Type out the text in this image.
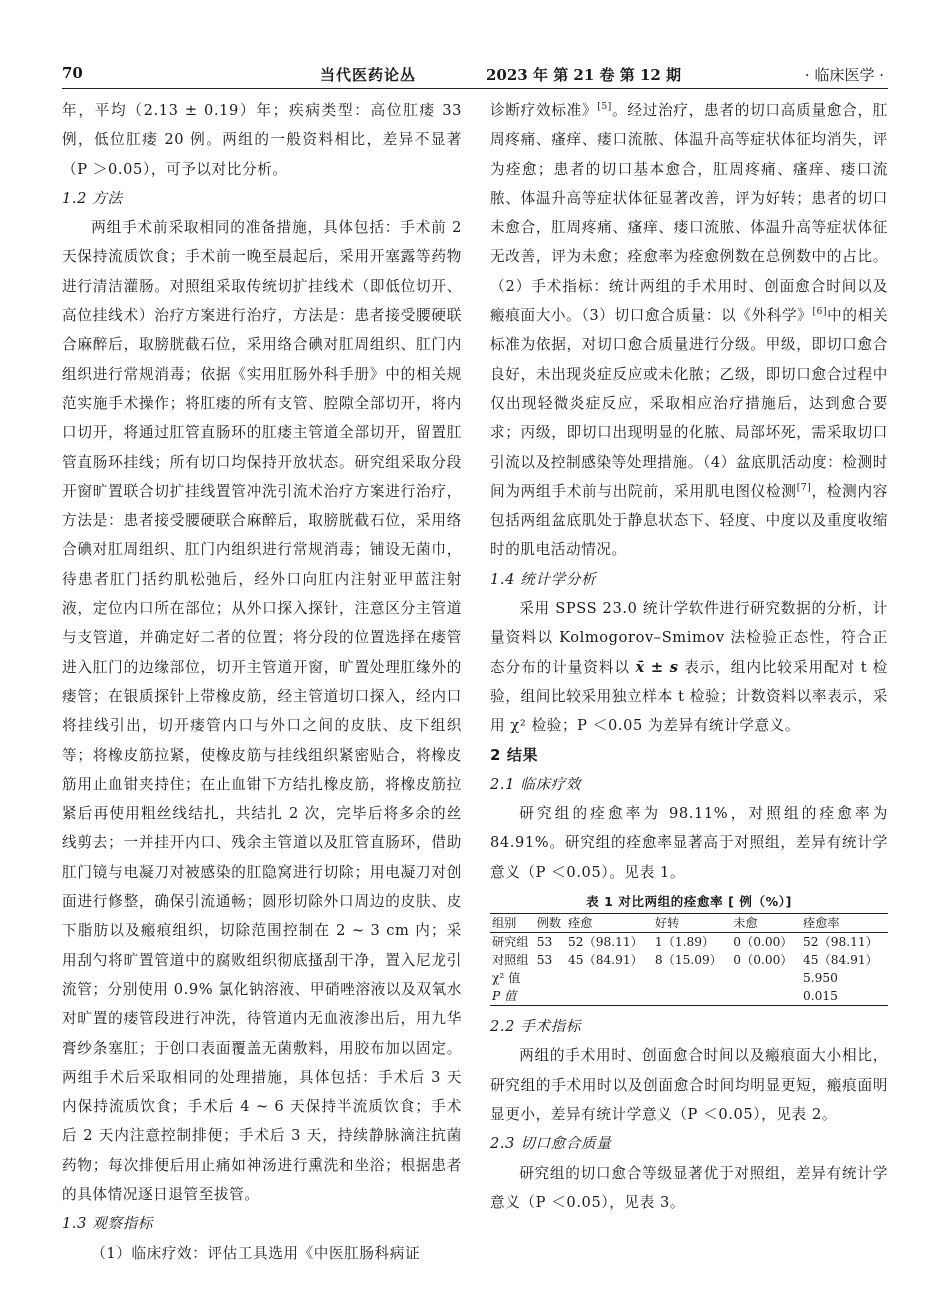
70	当代医药论丛	2023 年 第 21 卷 第 12 期	· 临床医学 ·

年，平均（2.13 ± 0.19）年；疾病类型：高位肛瘘 33 例，低位肛瘘 20 例。两组的一般资料相比，差异不显著（P ＞0.05），可予以对比分析。

1.2 方法

两组手术前采取相同的准备措施，具体包括：手术前 2 天保持流质饮食；手术前一晚至晨起后，采用开塞露等药物进行清洁灌肠。对照组采取传统切扩挂线术（即低位切开、高位挂线术）治疗方案进行治疗，方法是：患者接受腰硬联合麻醉后，取膀胱截石位，采用络合碘对肛周组织、肛门内组织进行常规消毒；依据《实用肛肠外科手册》中的相关规范实施手术操作；将肛瘘的所有支管、腔隙全部切开，将内口切开，将通过肛管直肠环的肛瘘主管道全部切开，留置肛管直肠环挂线；所有切口均保持开放状态。研究组采取分段开窗旷置联合切扩挂线置管冲洗引流术治疗方案进行治疗，方法是：患者接受腰硬联合麻醉后，取膀胱截石位，采用络合碘对肛周组织、肛门内组织进行常规消毒；铺设无菌巾，待患者肛门括约肌松弛后，经外口向肛内注射亚甲蓝注射液，定位内口所在部位；从外口探入探针，注意区分主管道与支管道，并确定好二者的位置；将分段的位置选择在瘘管进入肛门的边缘部位，切开主管道开窗，旷置处理肛缘外的瘘管；在银质探针上带橡皮筋，经主管道切口探入，经内口将挂线引出，切开瘘管内口与外口之间的皮肤、皮下组织等；将橡皮筋拉紧，使橡皮筋与挂线组织紧密贴合，将橡皮筋用止血钳夹持住；在止血钳下方结扎橡皮筋，将橡皮筋拉紧后再使用粗丝线结扎，共结扎 2 次，完毕后将多余的丝线剪去；一并挂开内口、残余主管道以及肛管直肠环，借助肛门镜与电凝刀对被感染的肛隐窝进行切除；用电凝刀对创面进行修整，确保引流通畅；圆形切除外口周边的皮肤、皮下脂肪以及瘢痕组织，切除范围控制在 2 ~ 3 cm 内；采用刮勺将旷置管道中的腐败组织彻底搔刮干净，置入尼龙引流管；分别使用 0.9% 氯化钠溶液、甲硝唑溶液以及双氧水对旷置的瘘管段进行冲洗，待管道内无血液渗出后，用九华膏纱条塞肛；于创口表面覆盖无菌敷料，用胶布加以固定。两组手术后采取相同的处理措施，具体包括：手术后 3 天内保持流质饮食；手术后 4 ~ 6 天保持半流质饮食；手术后 2 天内注意控制排便；手术后 3 天，持续静脉滴注抗菌药物；每次排便后用止痛如神汤进行熏洗和坐浴；根据患者的具体情况逐日退管至拔管。

1.3 观察指标

（1）临床疗效：评估工具选用《中医肛肠科病证

诊断疗效标准》[5]。经过治疗，患者的切口高质量愈合，肛周疼痛、瘙痒、瘘口流脓、体温升高等症状体征均消失，评为痊愈；患者的切口基本愈合，肛周疼痛、瘙痒、瘘口流脓、体温升高等症状体征显著改善，评为好转；患者的切口未愈合，肛周疼痛、瘙痒、瘘口流脓、体温升高等症状体征无改善，评为未愈；痊愈率为痊愈例数在总例数中的占比。（2）手术指标：统计两组的手术用时、创面愈合时间以及瘢痕面大小。（3）切口愈合质量：以《外科学》[6]中的相关标准为依据，对切口愈合质量进行分级。甲级，即切口愈合良好，未出现炎症反应或未化脓；乙级，即切口愈合过程中仅出现轻微炎症反应，采取相应治疗措施后，达到愈合要求；丙级，即切口出现明显的化脓、局部坏死，需采取切口引流以及控制感染等处理措施。（4）盆底肌活动度：检测时间为两组手术前与出院前，采用肌电图仪检测[7]，检测内容包括两组盆底肌处于静息状态下、轻度、中度以及重度收缩时的肌电活动情况。

1.4 统计学分析

采用 SPSS 23.0 统计学软件进行研究数据的分析，计量资料以 Kolmogorov–Smimov 法检验正态性，符合正态分布的计量资料以 x̄ ± s 表示，组内比较采用配对 t 检验，组间比较采用独立样本 t 检验；计数资料以率表示，采用 χ² 检验；P ＜0.05 为差异有统计学意义。

2 结果

2.1 临床疗效

研究组的痊愈率为 98.11%，对照组的痊愈率为 84.91%。研究组的痊愈率显著高于对照组，差异有统计学意义（P ＜0.05）。见表 1。

表 1 对比两组的痊愈率 [ 例（%）]
组别	例数	痊愈	好转	未愈	痊愈率
研究组	53	52（98.11）	1（1.89）	0（0.00）	52（98.11）
对照组	53	45（84.91）	8（15.09）	0（0.00）	45（84.91）
χ² 值					5.950
P 值					0.015

2.2 手术指标

两组的手术用时、创面愈合时间以及瘢痕面大小相比，研究组的手术用时以及创面愈合时间均明显更短，瘢痕面明显更小，差异有统计学意义（P ＜0.05），见表 2。

2.3 切口愈合质量

研究组的切口愈合等级显著优于对照组，差异有统计学意义（P ＜0.05），见表 3。
